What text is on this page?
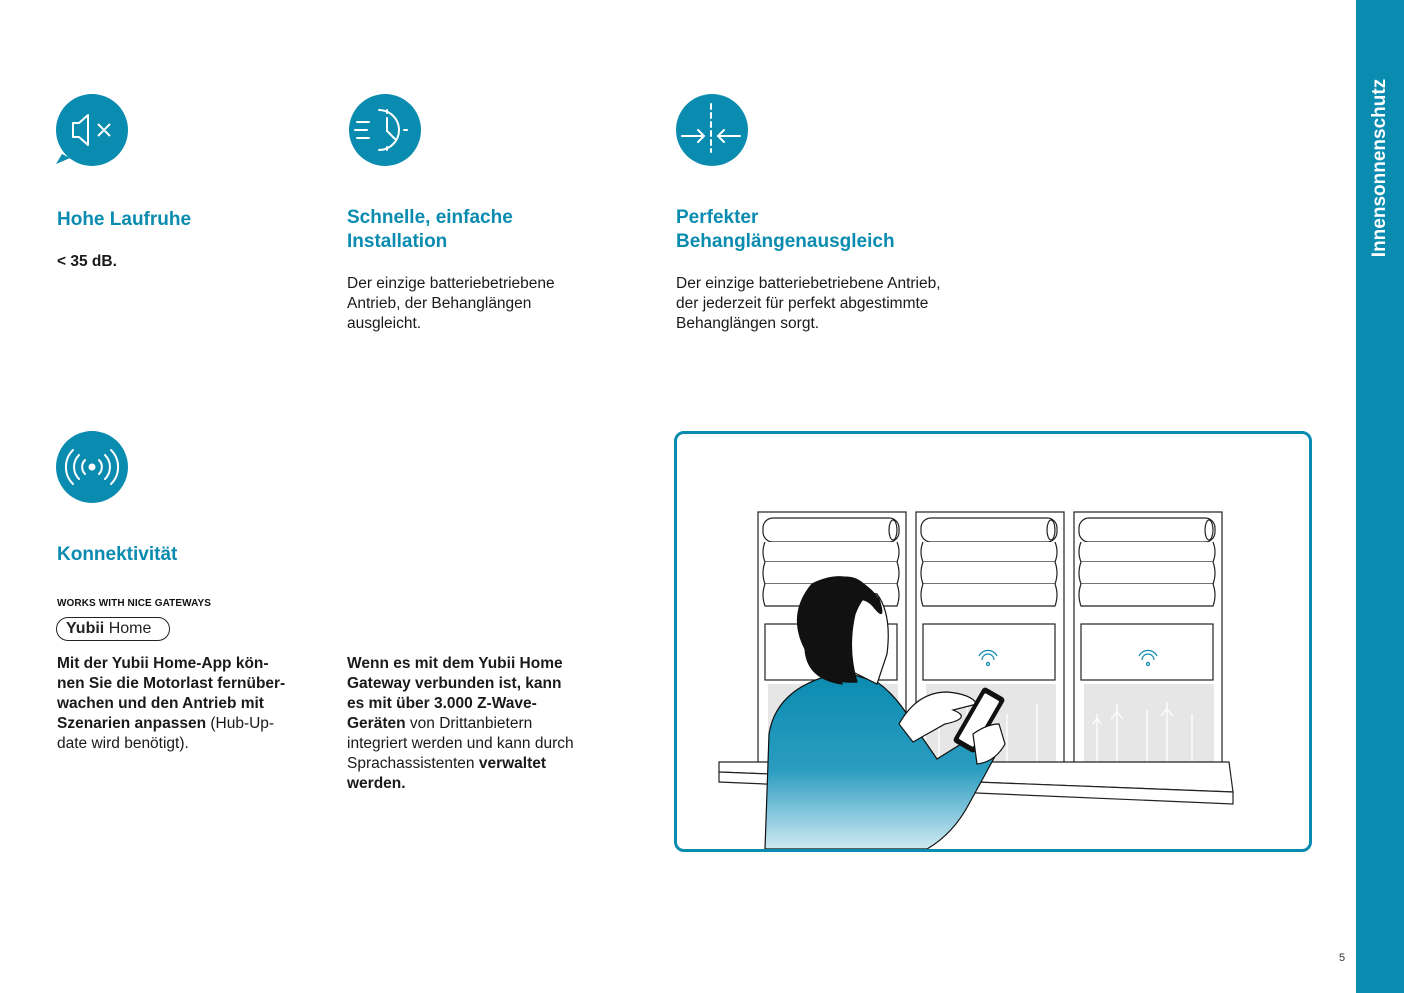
Innensonnenschutz
Hohe Laufruhe

< 35 dB.

Schnelle, einfache
Installation

Der einzige batteriebetriebene
Antrieb, der Behanglängen
ausgleicht.

Perfekter
Behanglängenausgleich

Der einzige batteriebetriebene Antrieb,
der jederzeit für perfekt abgestimmte
Behanglängen sorgt.

Konnektivität
WORKS WITH NICE GATEWAYS
Yubii Home

Mit der Yubii Home-App kön-
nen Sie die Motorlast fernüber-
wachen und den Antrieb mit
Szenarien anpassen (Hub-Up-
date wird benötigt).

Wenn es mit dem Yubii Home
Gateway verbunden ist, kann
es mit über 3.000 Z-Wave-
Geräten von Drittanbietern
integriert werden und kann durch
Sprachassistenten verwaltet
werden.

5
